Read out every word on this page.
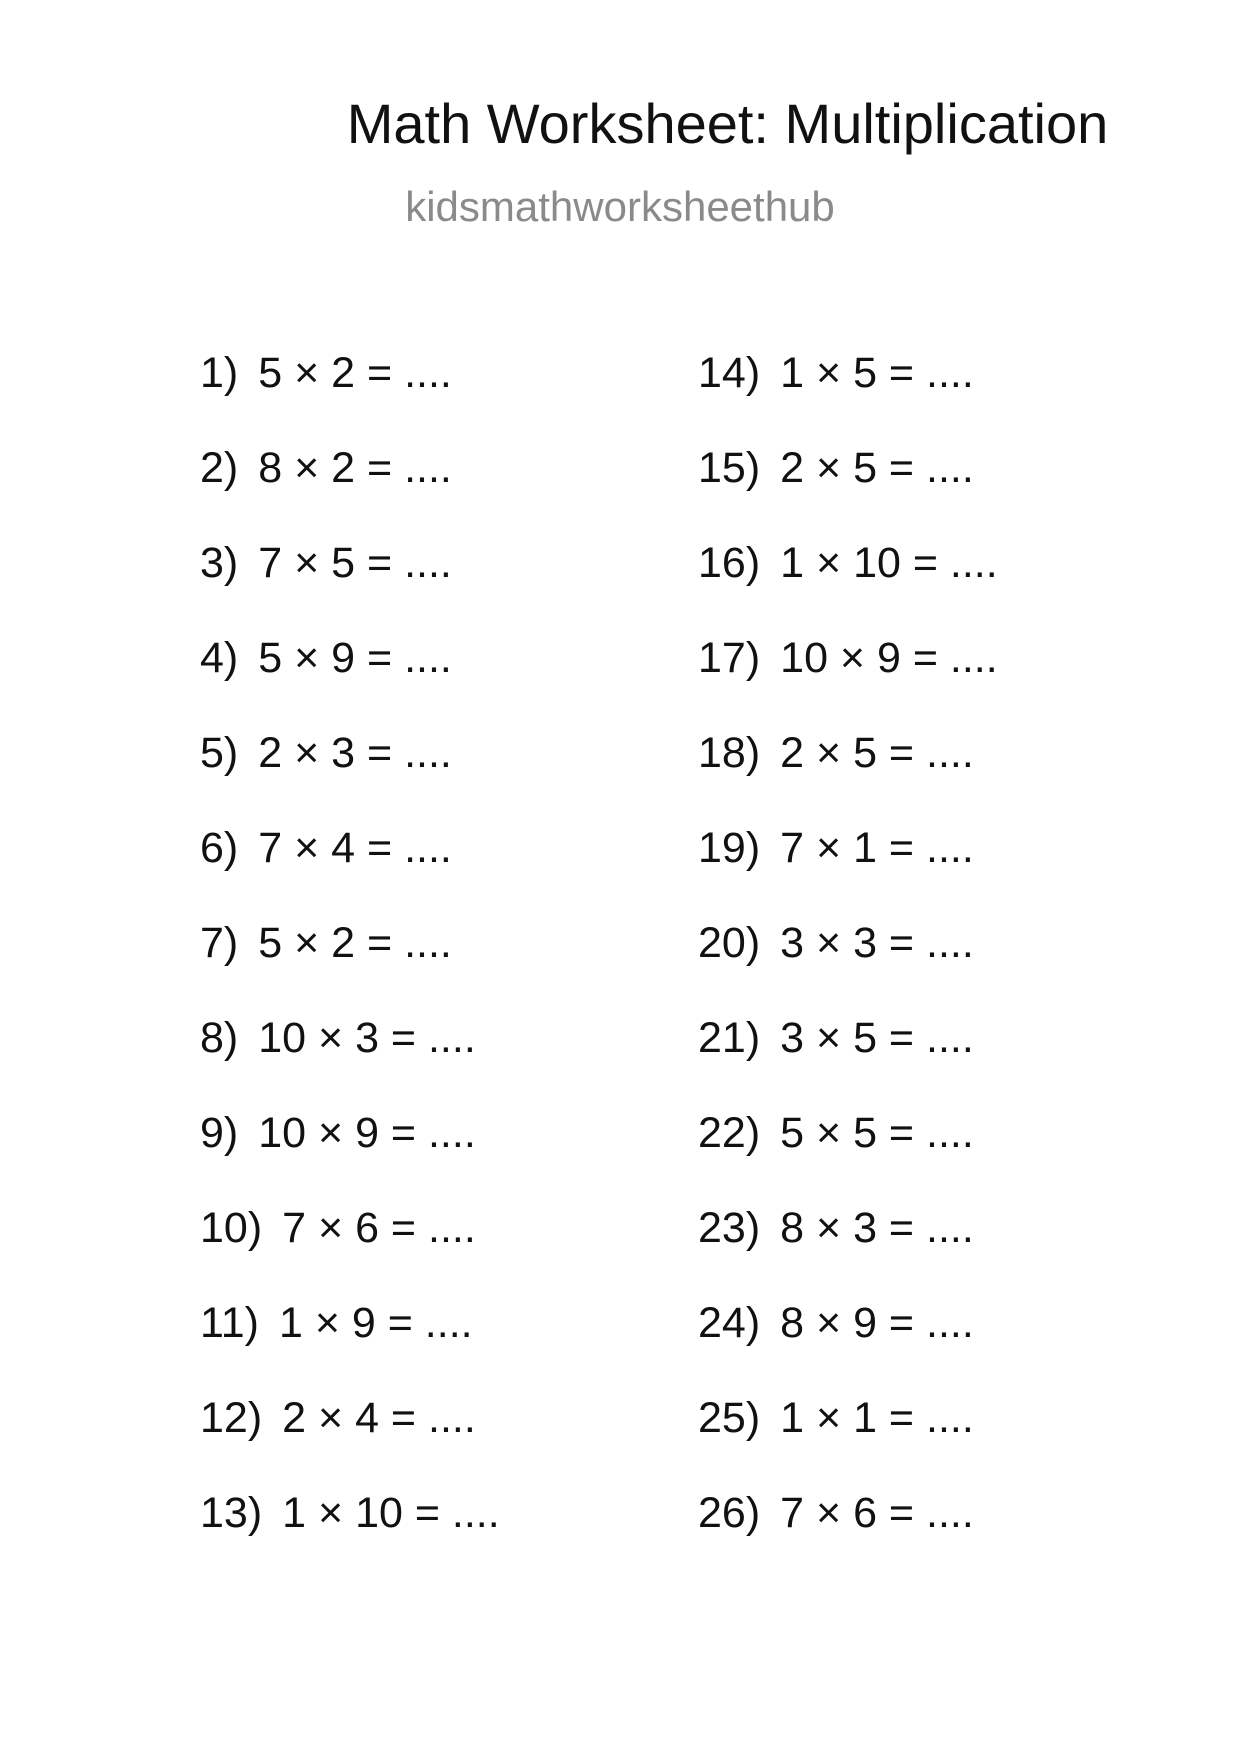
Math Worksheet: Multiplication
kidsmathworksheethub
1) 5 × 2 = ....
2) 8 × 2 = ....
3) 7 × 5 = ....
4) 5 × 9 = ....
5) 2 × 3 = ....
6) 7 × 4 = ....
7) 5 × 2 = ....
8) 10 × 3 = ....
9) 10 × 9 = ....
10) 7 × 6 = ....
11) 1 × 9 = ....
12) 2 × 4 = ....
13) 1 × 10 = ....
14) 1 × 5 = ....
15) 2 × 5 = ....
16) 1 × 10 = ....
17) 10 × 9 = ....
18) 2 × 5 = ....
19) 7 × 1 = ....
20) 3 × 3 = ....
21) 3 × 5 = ....
22) 5 × 5 = ....
23) 8 × 3 = ....
24) 8 × 9 = ....
25) 1 × 1 = ....
26) 7 × 6 = ....
